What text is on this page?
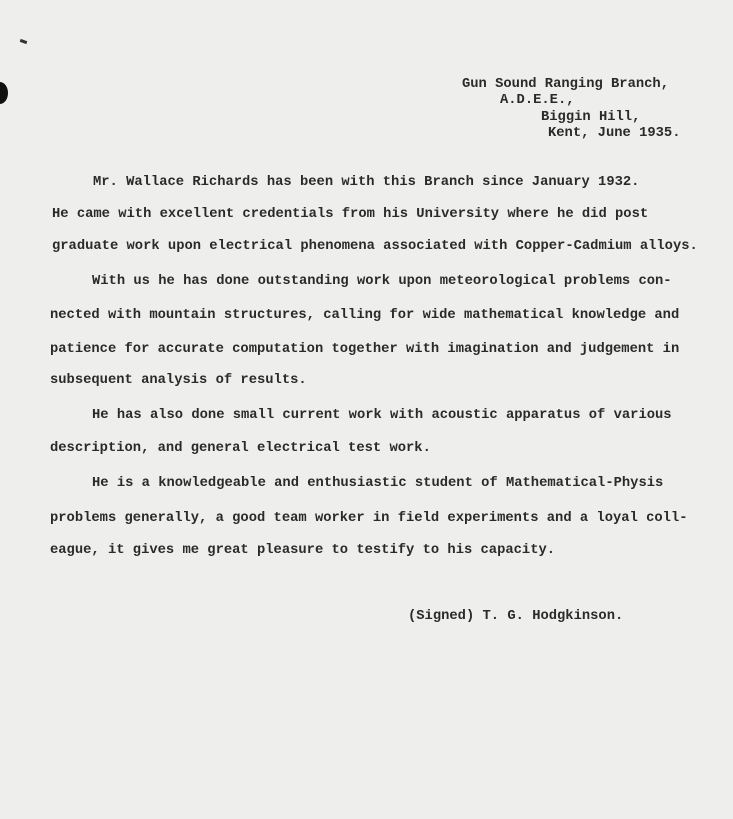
Gun Sound Ranging Branch,
A.D.E.E.,
Biggin Hill,
Kent, June 1935.
Mr. Wallace Richards has been with this Branch since January 1932.
He came with excellent credentials from his University where he did post
graduate work upon electrical phenomena associated with Copper-Cadmium alloys.
With us he has done outstanding work upon meteorological problems con-
nected with mountain structures, calling for wide mathematical knowledge and
patience for accurate computation together with imagination and judgement in
subsequent analysis of results.
He has also done small current work with acoustic apparatus of various
description, and general electrical test work.
He is a knowledgeable and enthusiastic student of Mathematical-Physis
problems generally, a good team worker in field experiments and a loyal coll-
eague, it gives me great pleasure to testify to his capacity.
(Signed) T. G. Hodgkinson.
